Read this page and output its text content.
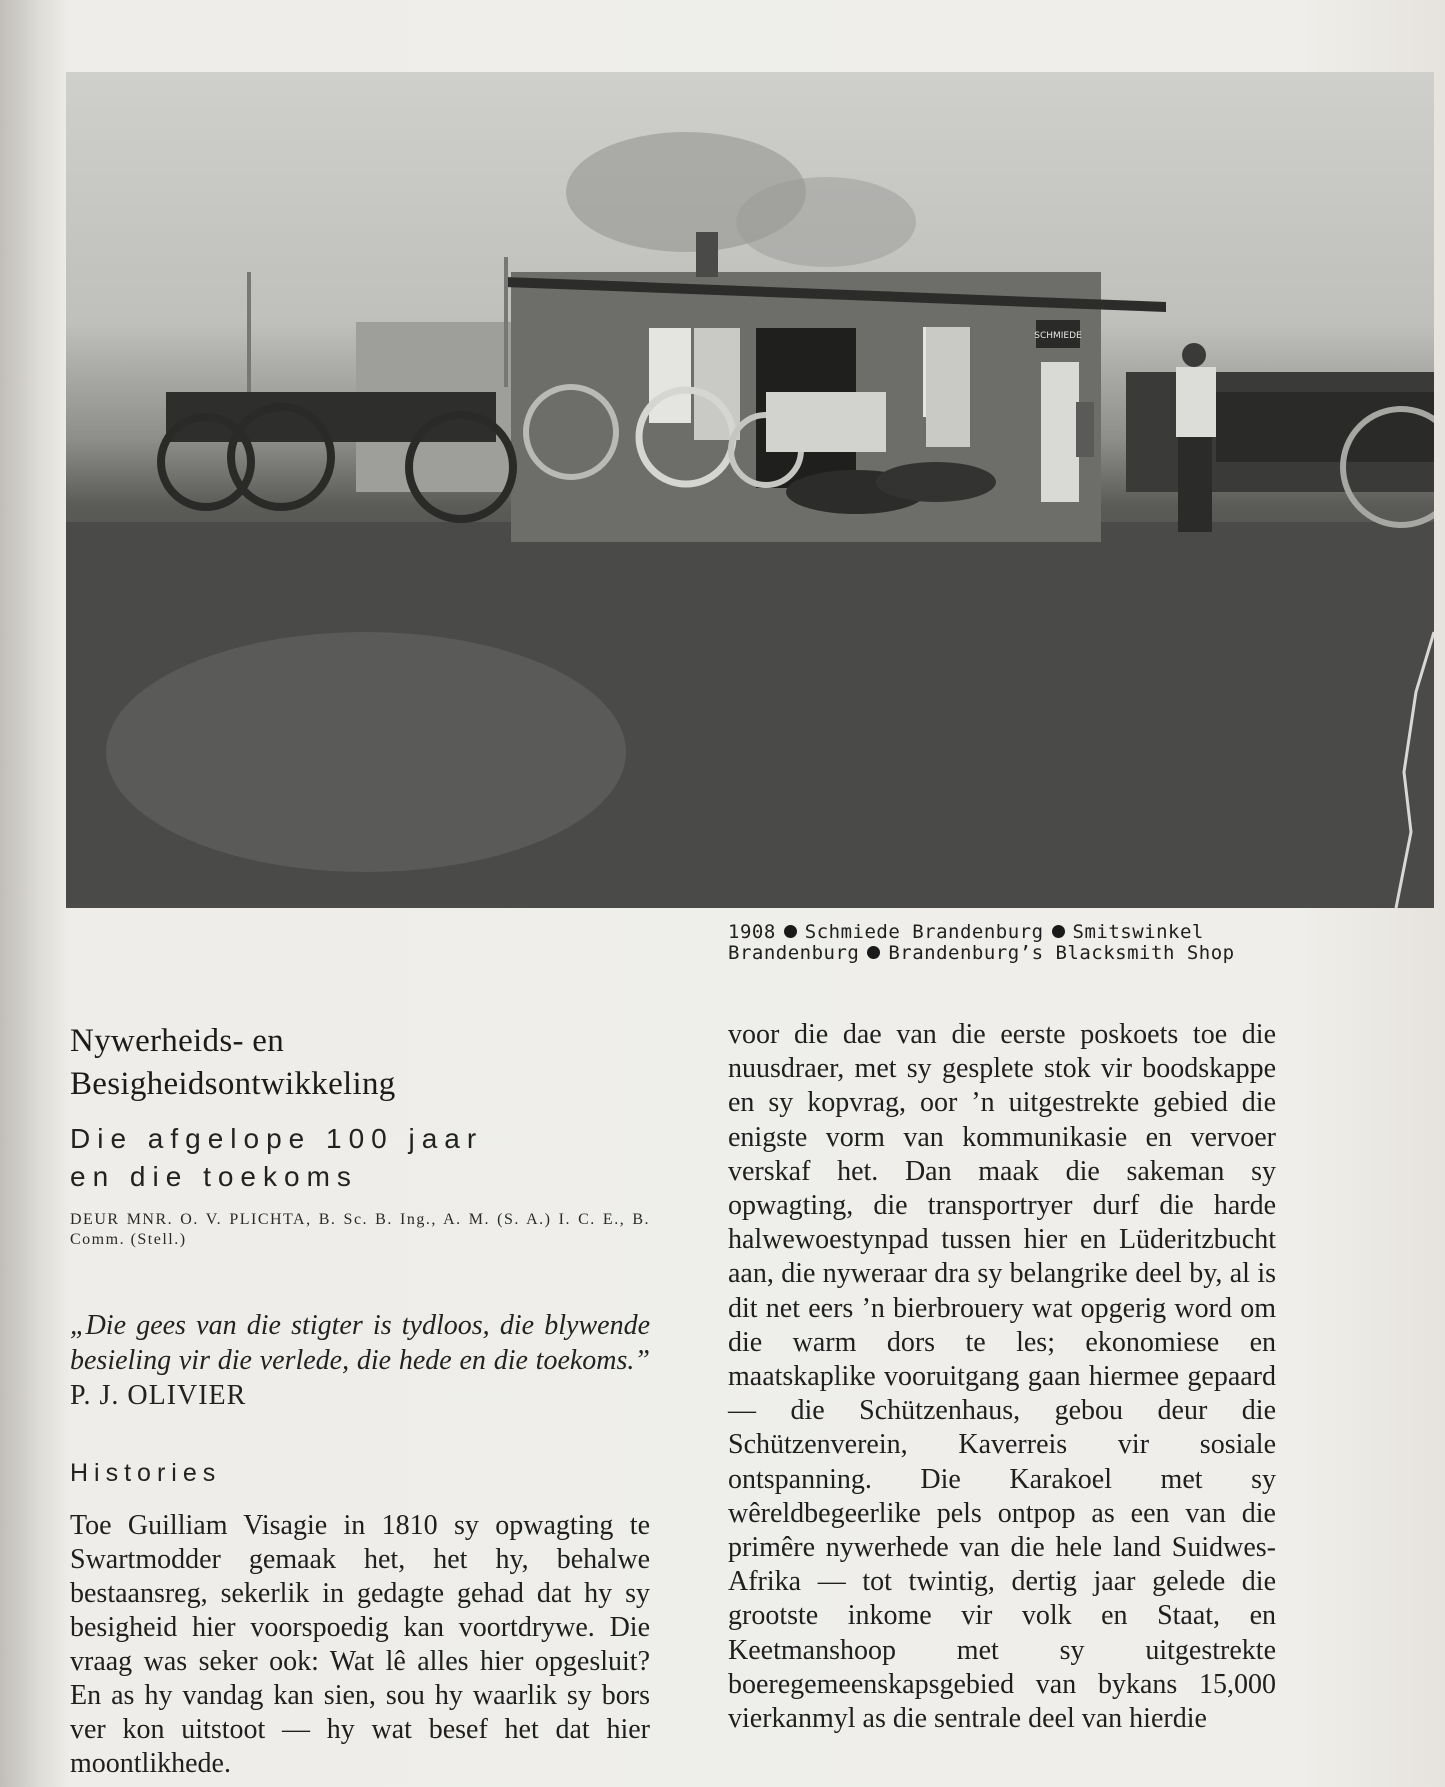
SCHMIEDE
1908 Schmiede Brandenburg Smitswinkel
Brandenburg Brandenburg’s Blacksmith Shop
Nywerheids- en
Besigheidsontwikkeling
Die afgelope 100 jaar
en die toekoms
DEUR MNR. O. V. PLICHTA, B. Sc. B. Ing., A. M. (S. A.) I. C. E., B. Comm. (Stell.)
„Die gees van die stigter is tydloos, die blywende besieling vir die verlede, die hede en die toekoms.” P. J. OLIVIER
Histories
Toe Guilliam Visagie in 1810 sy opwagting te Swartmodder gemaak het, het hy, behalwe bestaansreg, sekerlik in gedagte gehad dat hy sy besigheid hier voorspoedig kan voortdrywe. Die vraag was seker ook: Wat lê alles hier opgesluit? En as hy vandag kan sien, sou hy waarlik sy bors ver kon uitstoot — hy wat besef het dat hier moontlikhede.
voor die dae van die eerste poskoets toe die nuusdraer, met sy gesplete stok vir boodskappe en sy kopvrag, oor ’n uitgestrekte gebied die enigste vorm van kommunikasie en vervoer verskaf het. Dan maak die sakeman sy opwagting, die transportryer durf die harde halwewoestynpad tussen hier en Lüderitzbucht aan, die nyweraar dra sy belangrike deel by, al is dit net eers ’n bierbrouery wat opgerig word om die warm dors te les; ekonomiese en maatskaplike vooruitgang gaan hiermee gepaard — die Schützenhaus, gebou deur die Schützenverein, Kaverreis vir sosiale ontspanning. Die Karakoel met sy wêreldbegeerlike pels ontpop as een van die primêre nywerhede van die hele land Suidwes-Afrika — tot twintig, dertig jaar gelede die grootste inkome vir volk en Staat, en Keetmanshoop met sy uitgestrekte boeregemeenskapsgebied van bykans 15,000 vierkanmyl as die sentrale deel van hierdie
